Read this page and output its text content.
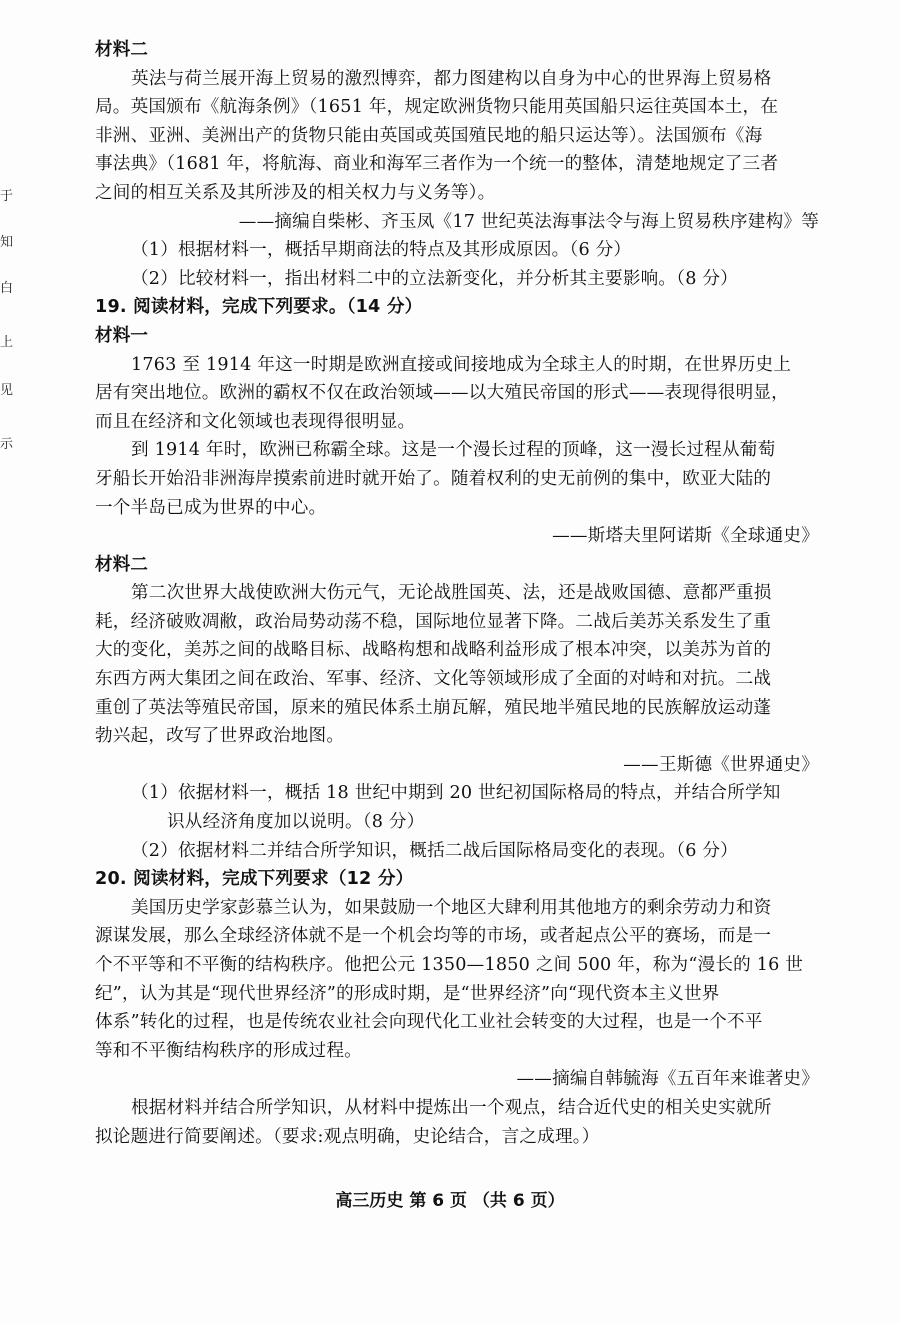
于
知
白
上
见
示
材料二
英法与荷兰展开海上贸易的激烈博弈，都力图建构以自身为中心的世界海上贸易格
局。英国颁布《航海条例》（1651 年，规定欧洲货物只能用英国船只运往英国本土，在
非洲、亚洲、美洲出产的货物只能由英国或英国殖民地的船只运达等）。法国颁布《海
事法典》（1681 年，将航海、商业和海军三者作为一个统一的整体，清楚地规定了三者
之间的相互关系及其所涉及的相关权力与义务等）。
——摘编自柴彬、齐玉凤《17 世纪英法海事法令与海上贸易秩序建构》等
（1）根据材料一，概括早期商法的特点及其形成原因。（6 分）
（2）比较材料一，指出材料二中的立法新变化，并分析其主要影响。（8 分）
19. 阅读材料，完成下列要求。（14 分）
材料一
1763 至 1914 年这一时期是欧洲直接或间接地成为全球主人的时期，在世界历史上
居有突出地位。欧洲的霸权不仅在政治领域——以大殖民帝国的形式——表现得很明显，
而且在经济和文化领域也表现得很明显。
到 1914 年时，欧洲已称霸全球。这是一个漫长过程的顶峰，这一漫长过程从葡萄
牙船长开始沿非洲海岸摸索前进时就开始了。随着权利的史无前例的集中，欧亚大陆的
一个半岛已成为世界的中心。
——斯塔夫里阿诺斯《全球通史》
材料二
第二次世界大战使欧洲大伤元气，无论战胜国英、法，还是战败国德、意都严重损
耗，经济破败凋敝，政治局势动荡不稳，国际地位显著下降。二战后美苏关系发生了重
大的变化，美苏之间的战略目标、战略构想和战略利益形成了根本冲突，以美苏为首的
东西方两大集团之间在政治、军事、经济、文化等领域形成了全面的对峙和对抗。二战
重创了英法等殖民帝国，原来的殖民体系土崩瓦解，殖民地半殖民地的民族解放运动蓬
勃兴起，改写了世界政治地图。
——王斯德《世界通史》
（1）依据材料一，概括 18 世纪中期到 20 世纪初国际格局的特点，并结合所学知
识从经济角度加以说明。（8 分）
（2）依据材料二并结合所学知识，概括二战后国际格局变化的表现。（6 分）
20. 阅读材料，完成下列要求（12 分）
美国历史学家彭慕兰认为，如果鼓励一个地区大肆利用其他地方的剩余劳动力和资
源谋发展，那么全球经济体就不是一个机会均等的市场，或者起点公平的赛场，而是一
个不平等和不平衡的结构秩序。他把公元 1350—1850 之间 500 年，称为“漫长的 16 世
纪”，认为其是“现代世界经济”的形成时期，是“世界经济”向“现代资本主义世界
体系”转化的过程，也是传统农业社会向现代化工业社会转变的大过程，也是一个不平
等和不平衡结构秩序的形成过程。
——摘编自韩毓海《五百年来谁著史》
根据材料并结合所学知识，从材料中提炼出一个观点，结合近代史的相关史实就所
拟论题进行简要阐述。（要求:观点明确，史论结合，言之成理。）
高三历史 第 6 页 （共 6 页）
